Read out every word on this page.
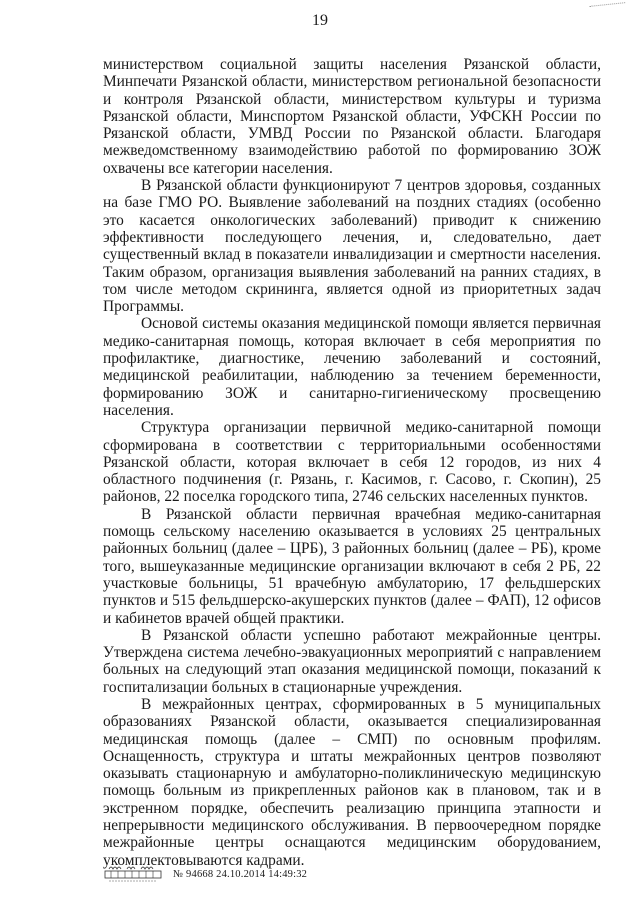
19

министерством социальной защиты населения Рязанской области, Минпечати Рязанской области, министерством региональной безопасности и контроля Рязанской области, министерством культуры и туризма Рязанской области, Минспортом Рязанской области, УФСКН России по Рязанской области, УМВД России по Рязанской области. Благодаря межведомственному взаимодействию работой по формированию ЗОЖ охвачены все категории населения.

В Рязанской области функционируют 7 центров здоровья, созданных на базе ГМО РО. Выявление заболеваний на поздних стадиях (особенно это касается онкологических заболеваний) приводит к снижению эффективности последующего лечения, и, следовательно, дает существенный вклад в показатели инвалидизации и смертности населения. Таким образом, организация выявления заболеваний на ранних стадиях, в том числе методом скрининга, является одной из приоритетных задач Программы.

Основой системы оказания медицинской помощи является первичная медико-санитарная помощь, которая включает в себя мероприятия по профилактике, диагностике, лечению заболеваний и состояний, медицинской реабилитации, наблюдению за течением беременности, формированию ЗОЖ и санитарно-гигиеническому просвещению населения.

Структура организации первичной медико-санитарной помощи сформирована в соответствии с территориальными особенностями Рязанской области, которая включает в себя 12 городов, из них 4 областного подчинения (г. Рязань, г. Касимов, г. Сасово, г. Скопин), 25 районов, 22 поселка городского типа, 2746 сельских населенных пунктов.

В Рязанской области первичная врачебная медико-санитарная помощь сельскому населению оказывается в условиях 25 центральных районных больниц (далее – ЦРБ), 3 районных больниц (далее – РБ), кроме того, вышеуказанные медицинские организации включают в себя 2 РБ, 22 участковые больницы, 51 врачебную амбулаторию, 17 фельдшерских пунктов и 515 фельдшерско-акушерских пунктов (далее – ФАП), 12 офисов и кабинетов врачей общей практики.

В Рязанской области успешно работают межрайонные центры. Утверждена система лечебно-эвакуационных мероприятий с направлением больных на следующий этап оказания медицинской помощи, показаний к госпитализации больных в стационарные учреждения.

В межрайонных центрах, сформированных в 5 муниципальных образованиях Рязанской области, оказывается специализированная медицинская помощь (далее – СМП) по основным профилям. Оснащенность, структура и штаты межрайонных центров позволяют оказывать стационарную и амбулаторно-поликлиническую медицинскую помощь больным из прикрепленных районов как в плановом, так и в экстренном порядке, обеспечить реализацию принципа этапности и непрерывности медицинского обслуживания. В первоочередном порядке межрайонные центры оснащаются медицинским оборудованием, укомплектовываются кадрами.

№ 94668 24.10.2014 14:49:32
